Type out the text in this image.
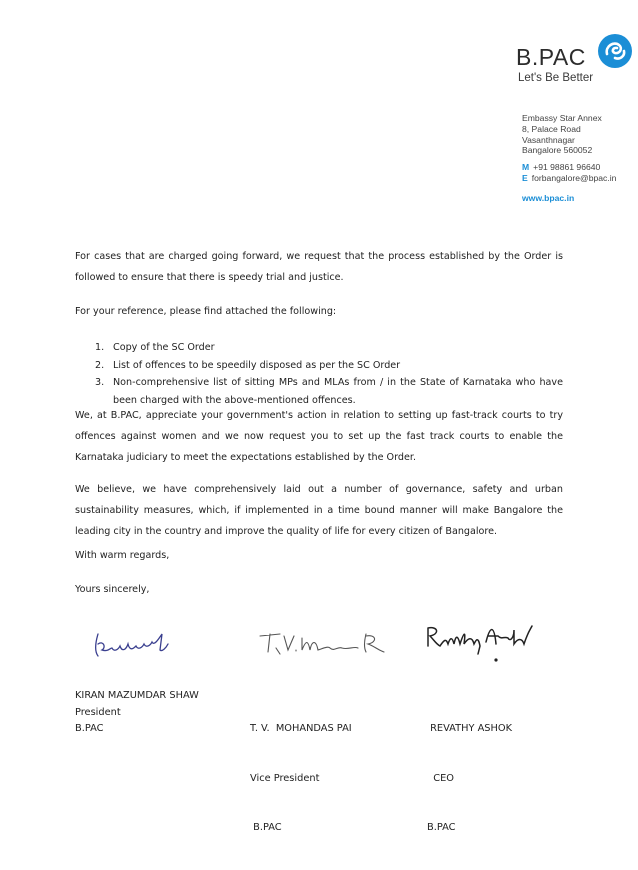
B.PAC
Let's Be Better
Embassy Star Annex
8, Palace Road
Vasanthnagar
Bangalore 560052
M +91 98861 96640
E forbangalore@bpac.in
www.bpac.in

For cases that are charged going forward, we request that the process established by the Order is followed to ensure that there is speedy trial and justice.

For your reference, please find attached the following:

1. Copy of the SC Order
2. List of offences to be speedily disposed as per the SC Order
3. Non-comprehensive list of sitting MPs and MLAs from / in the State of Karnataka who have been charged with the above-mentioned offences.

We, at B.PAC, appreciate your government's action in relation to setting up fast-track courts to try offences against women and we now request you to set up the fast track courts to enable the Karnataka judiciary to meet the expectations established by the Order.

We believe, we have comprehensively laid out a number of governance, safety and urban sustainability measures, which, if implemented in a time bound manner will make Bangalore the leading city in the country and improve the quality of life for every citizen of Bangalore.

With warm regards,

Yours sincerely,

KIRAN MAZUMDAR SHAW
President
B.PAC

	T. V.  MOHANDAS PAI

Vice President

B.PAC

REVATHY ASHOK

CEO

B.PAC
